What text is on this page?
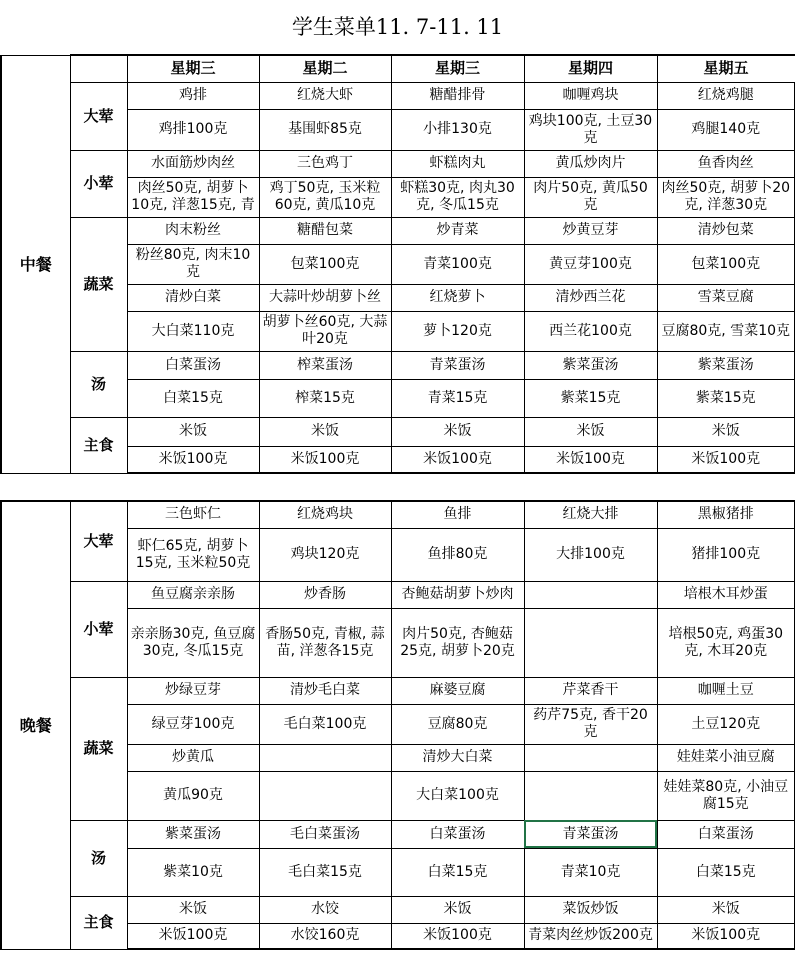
学生菜单11. 7-11. 11
中餐		星期三	星期二	星期三	星期四	星期五
	大荤	鸡排	红烧大虾	糖醋排骨	咖喱鸡块	红烧鸡腿
		鸡排100克	基围虾85克	小排130克	鸡块100克, 土豆30克	鸡腿140克
	小荤	水面筋炒肉丝	三色鸡丁	虾糕肉丸	黄瓜炒肉片	鱼香肉丝
		肉丝50克, 胡萝卜10克, 洋葱15克, 青	鸡丁50克, 玉米粒60克, 黄瓜10克	虾糕30克, 肉丸30克, 冬瓜15克	肉片50克, 黄瓜50克	肉丝50克, 胡萝卜20克, 洋葱30克
	蔬菜	肉末粉丝	糖醋包菜	炒青菜	炒黄豆芽	清炒包菜
		粉丝80克, 肉末10克	包菜100克	青菜100克	黄豆芽100克	包菜100克
		清炒白菜	大蒜叶炒胡萝卜丝	红烧萝卜	清炒西兰花	雪菜豆腐
		大白菜110克	胡萝卜丝60克, 大蒜叶20克	萝卜120克	西兰花100克	豆腐80克, 雪菜10克
	汤	白菜蛋汤	榨菜蛋汤	青菜蛋汤	紫菜蛋汤	紫菜蛋汤
		白菜15克	榨菜15克	青菜15克	紫菜15克	紫菜15克
	主食	米饭	米饭	米饭	米饭	米饭
		米饭100克	米饭100克	米饭100克	米饭100克	米饭100克
晚餐	大荤	三色虾仁	红烧鸡块	鱼排	红烧大排	黑椒猪排
		虾仁65克, 胡萝卜15克, 玉米粒50克	鸡块120克	鱼排80克	大排100克	猪排100克
	小荤	鱼豆腐亲亲肠	炒香肠	杏鲍菇胡萝卜炒肉		培根木耳炒蛋
		亲亲肠30克, 鱼豆腐30克, 冬瓜15克	香肠50克, 青椒, 蒜苗, 洋葱各15克	肉片50克, 杏鲍菇25克, 胡萝卜20克		培根50克, 鸡蛋30克, 木耳20克
	蔬菜	炒绿豆芽	清炒毛白菜	麻婆豆腐	芹菜香干	咖喱土豆
		绿豆芽100克	毛白菜100克	豆腐80克	药芹75克, 香干20克	土豆120克
		炒黄瓜		清炒大白菜		娃娃菜小油豆腐
		黄瓜90克		大白菜100克		娃娃菜80克, 小油豆腐15克
	汤	紫菜蛋汤	毛白菜蛋汤	白菜蛋汤	青菜蛋汤	白菜蛋汤
		紫菜10克	毛白菜15克	白菜15克	青菜10克	白菜15克
	主食	米饭	水饺	米饭	菜饭炒饭	米饭
		米饭100克	水饺160克	米饭100克	青菜肉丝炒饭200克	米饭100克
